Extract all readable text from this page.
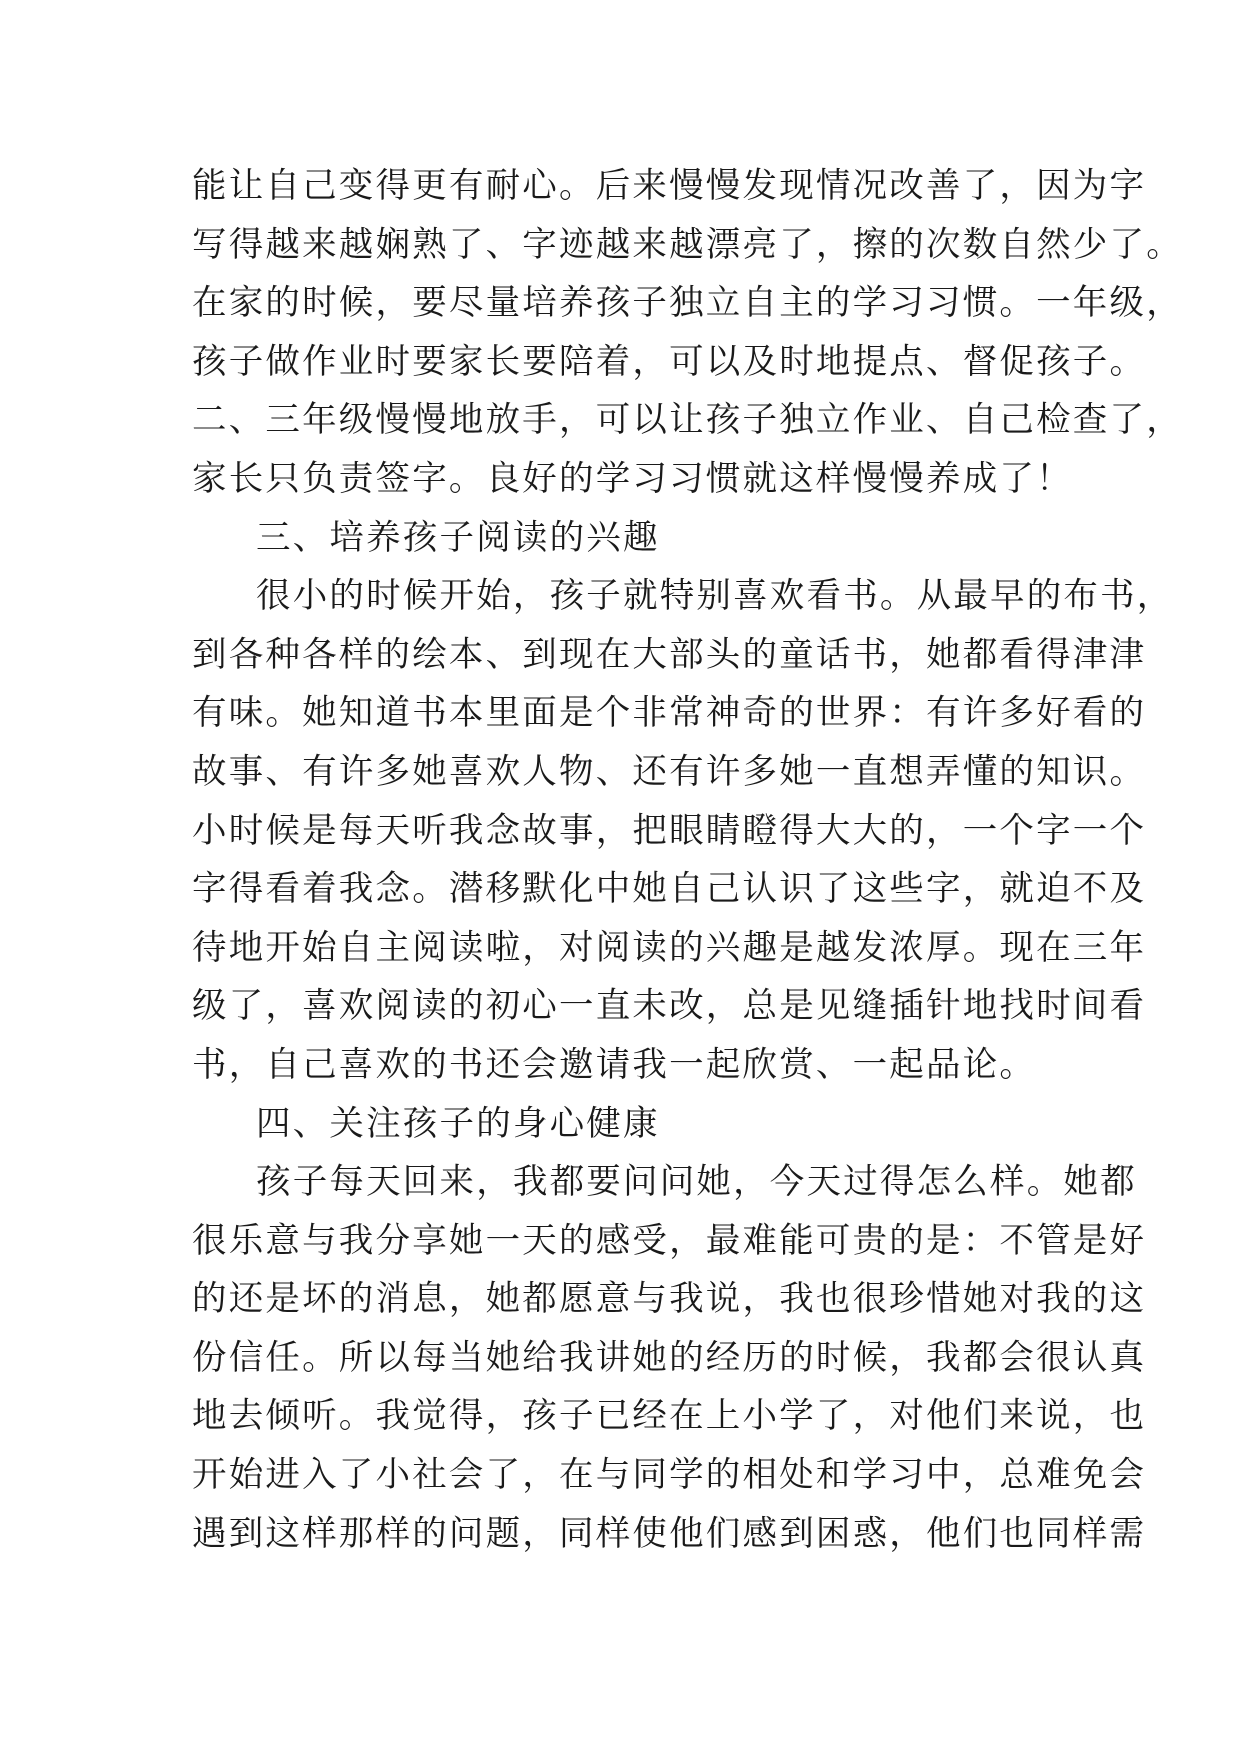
能让自己变得更有耐心。后来慢慢发现情况改善了，因为字
写得越来越娴熟了、字迹越来越漂亮了，擦的次数自然少了。
在家的时候，要尽量培养孩子独立自主的学习习惯。一年级，
孩子做作业时要家长要陪着，可以及时地提点、督促孩子。
二、三年级慢慢地放手，可以让孩子独立作业、自己检查了，
家长只负责签字。良好的学习习惯就这样慢慢养成了！
三、培养孩子阅读的兴趣
很小的时候开始，孩子就特别喜欢看书。从最早的布书，
到各种各样的绘本、到现在大部头的童话书，她都看得津津
有味。她知道书本里面是个非常神奇的世界：有许多好看的
故事、有许多她喜欢人物、还有许多她一直想弄懂的知识。
小时候是每天听我念故事，把眼睛瞪得大大的，一个字一个
字得看着我念。潜移默化中她自己认识了这些字，就迫不及
待地开始自主阅读啦，对阅读的兴趣是越发浓厚。现在三年
级了，喜欢阅读的初心一直未改，总是见缝插针地找时间看
书，自己喜欢的书还会邀请我一起欣赏、一起品论。
四、关注孩子的身心健康
孩子每天回来，我都要问问她，今天过得怎么样。她都
很乐意与我分享她一天的感受，最难能可贵的是：不管是好
的还是坏的消息，她都愿意与我说，我也很珍惜她对我的这
份信任。所以每当她给我讲她的经历的时候，我都会很认真
地去倾听。我觉得，孩子已经在上小学了，对他们来说，也
开始进入了小社会了，在与同学的相处和学习中，总难免会
遇到这样那样的问题，同样使他们感到困惑，他们也同样需
